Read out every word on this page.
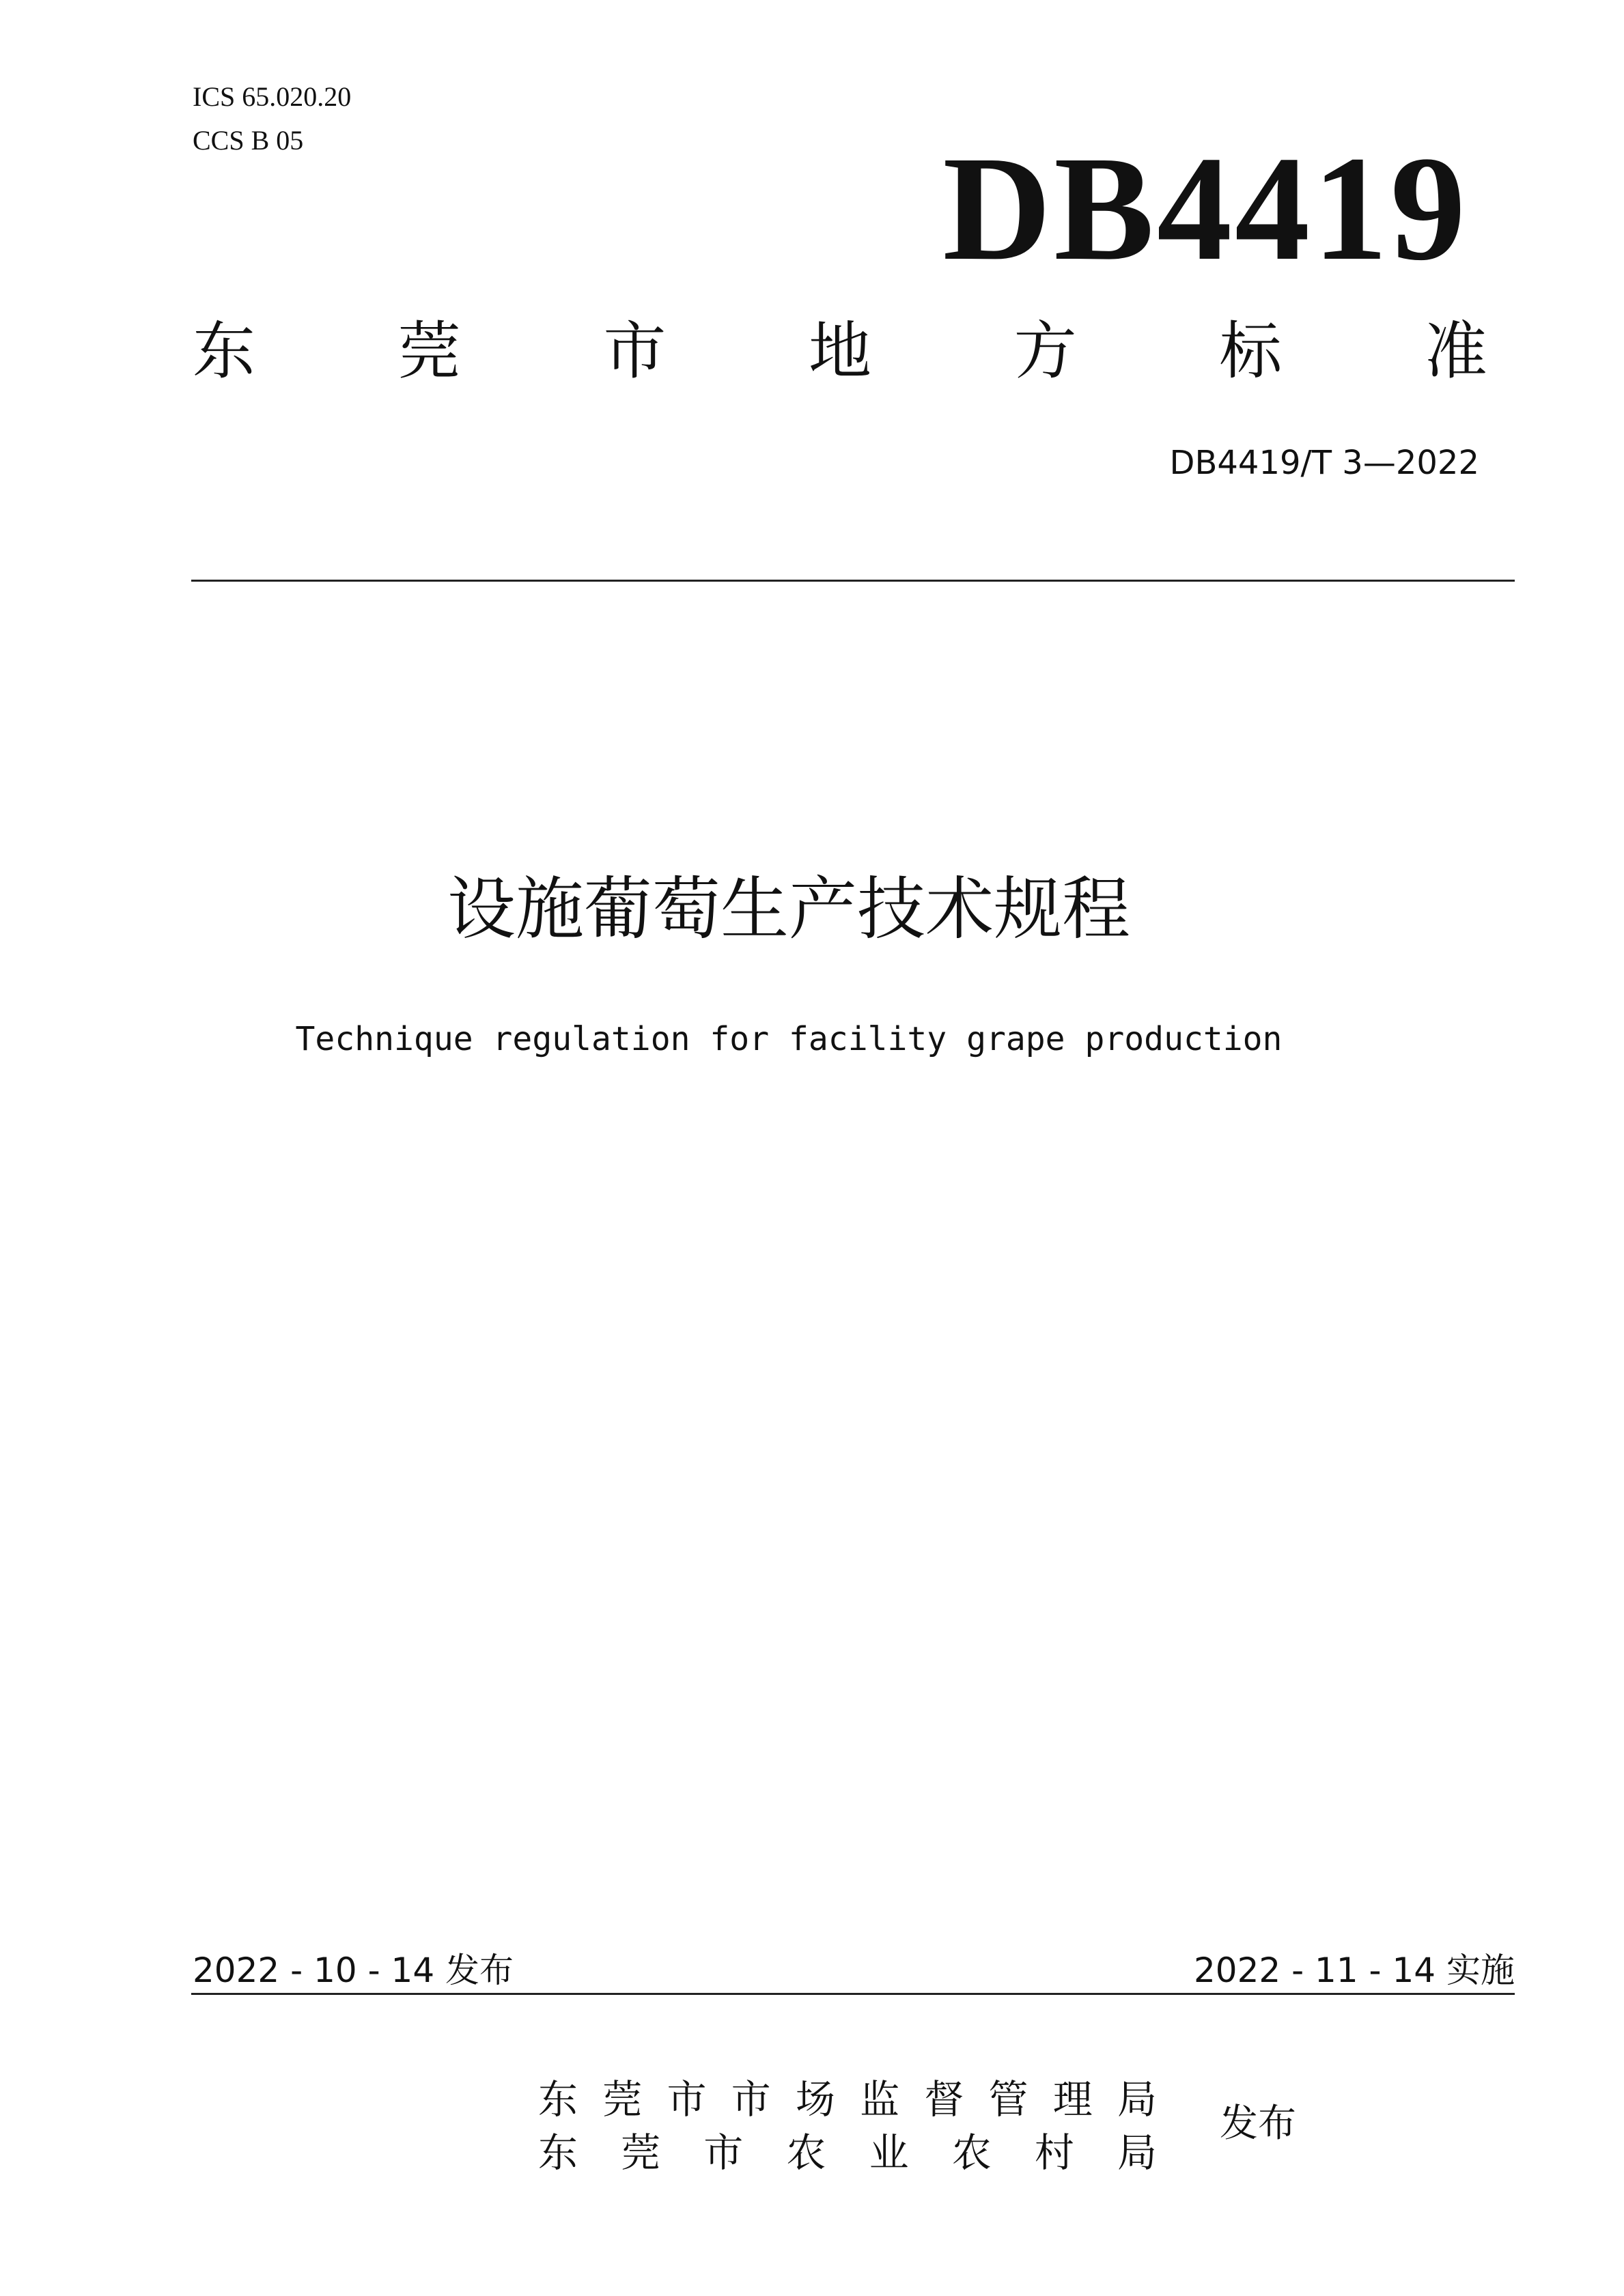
ICS 65.020.20
CCS B 05	DB4419
东 莞 市 地 方 标 准
DB4419/T 3—2022
设施葡萄生产技术规程
Technique regulation for facility grape production
2022 - 10 - 14 发布	2022 - 11 - 14 实施
东 莞 市 市 场 监 督 管 理 局
东 莞 市 农 业 农 村 局
发布
